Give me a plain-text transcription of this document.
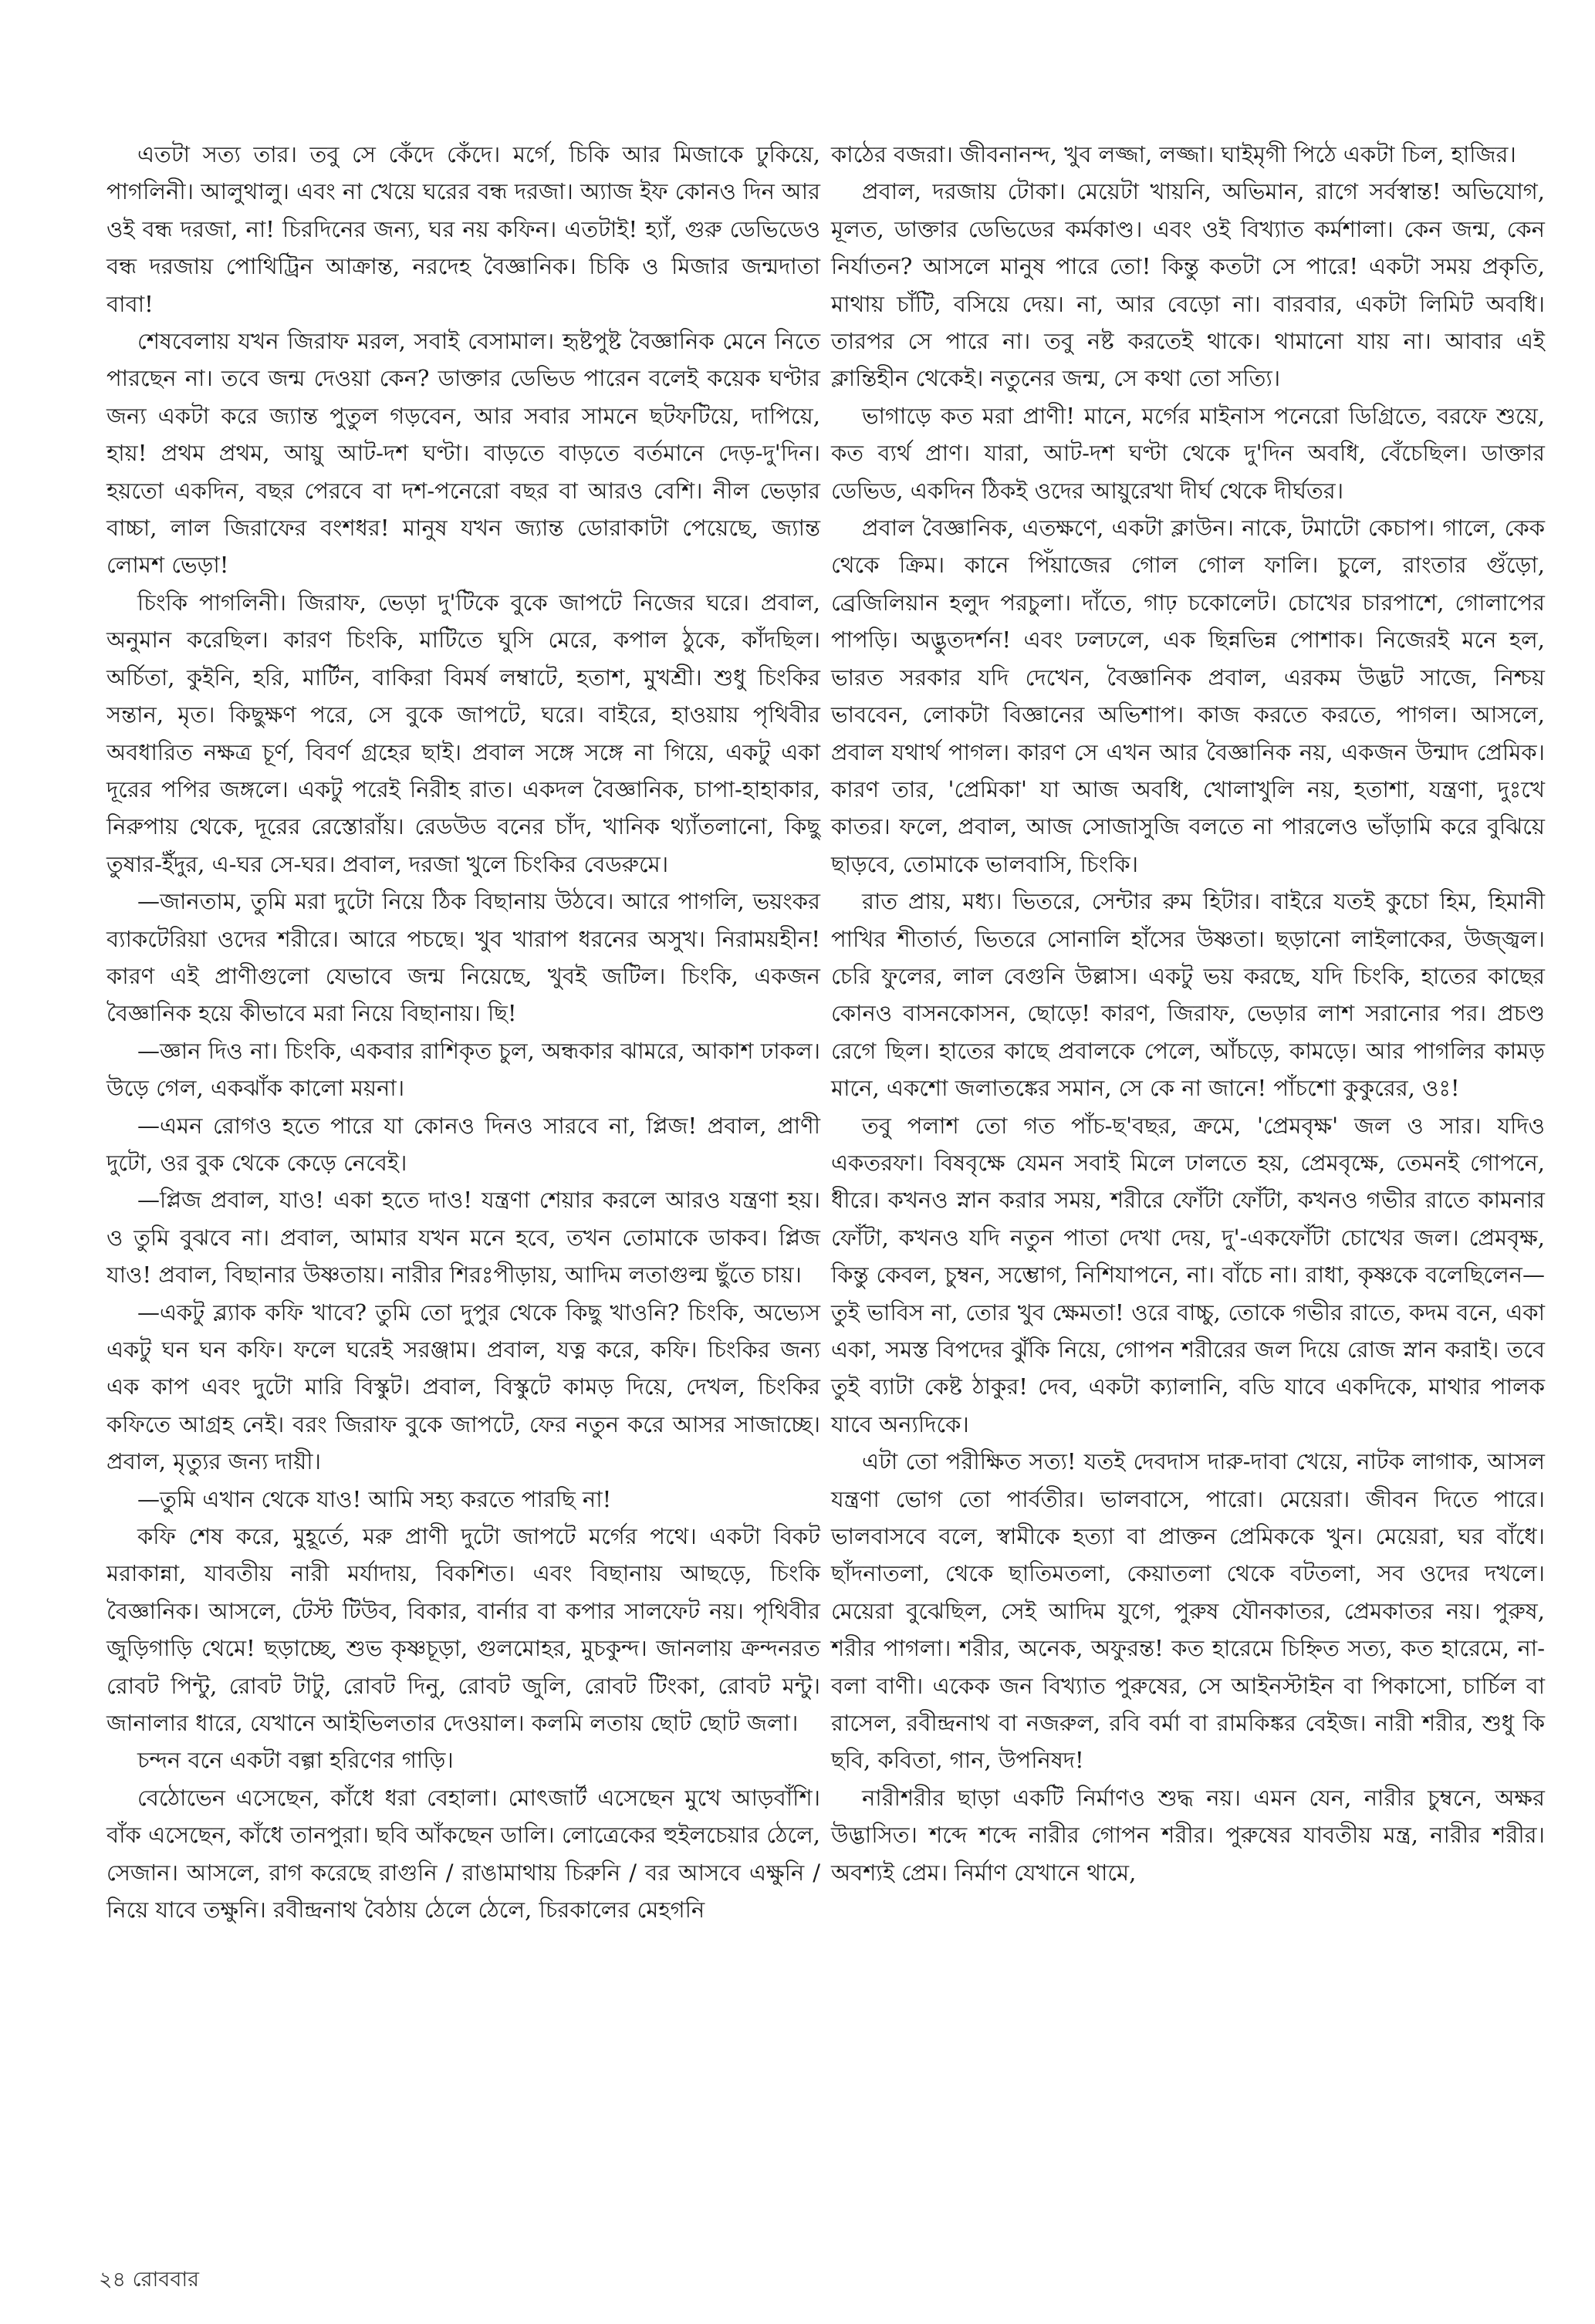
এতটা সত্য তার। তবু সে কেঁদে কেঁদে। মর্গে, চিকি আর মিজাকে ঢুকিয়ে, পাগলিনী। আলুথালু। এবং না খেয়ে ঘরের বন্ধ দরজা। অ্যাজ ইফ কোনও দিন আর ওই বন্ধ দরজা, না! চিরদিনের জন্য, ঘর নয় কফিন। এতটাই! হ্যাঁ, গুরু ডেভিডেও বন্ধ দরজায় পোথিট্রিন আক্রান্ত, নরদেহ বৈজ্ঞানিক। চিকি ও মিজার জন্মদাতা বাবা!

শেষবেলায় যখন জিরাফ মরল, সবাই বেসামাল। হৃষ্টপুষ্ট বৈজ্ঞানিক মেনে নিতে পারছেন না। তবে জন্ম দেওয়া কেন? ডাক্তার ডেভিড পারেন বলেই কয়েক ঘণ্টার জন্য একটা করে জ্যান্ত পুতুল গড়বেন, আর সবার সামনে ছটফটিয়ে, দাপিয়ে, হায়! প্রথম প্রথম, আয়ু আট-দশ ঘণ্টা। বাড়তে বাড়তে বর্তমানে দেড়-দু'দিন। হয়তো একদিন, বছর পেরবে বা দশ-পনেরো বছর বা আরও বেশি। নীল ভেড়ার বাচ্চা, লাল জিরাফের বংশধর! মানুষ যখন জ্যান্ত ডোরাকাটা পেয়েছে, জ্যান্ত লোমশ ভেড়া!

চিংকি পাগলিনী। জিরাফ, ভেড়া দু'টিকে বুকে জাপটে নিজের ঘরে। প্রবাল, অনুমান করেছিল। কারণ চিংকি, মাটিতে ঘুসি মেরে, কপাল ঠুকে, কাঁদছিল। অর্চিতা, কুইনি, হরি, মার্টিন, বাকিরা বিমর্ষ লম্বাটে, হতাশ, মুখশ্রী। শুধু চিংকির সন্তান, মৃত। কিছুক্ষণ পরে, সে বুকে জাপটে, ঘরে। বাইরে, হাওয়ায় পৃথিবীর অবধারিত নক্ষত্র চূর্ণ, বিবর্ণ গ্রহের ছাই। প্রবাল সঙ্গে সঙ্গে না গিয়ে, একটু একা দূরের পপির জঙ্গলে। একটু পরেই নিরীহ রাত। একদল বৈজ্ঞানিক, চাপা-হাহাকার, নিরুপায় থেকে, দূরের রেস্তোরাঁয়। রেডউড বনের চাঁদ, খানিক থ্যাঁতলানো, কিছু তুষার-ইঁদুর, এ-ঘর সে-ঘর। প্রবাল, দরজা খুলে চিংকির বেডরুমে।

—জানতাম, তুমি মরা দুটো নিয়ে ঠিক বিছানায় উঠবে। আরে পাগলি, ভয়ংকর ব্যাকটেরিয়া ওদের শরীরে। আরে পচছে। খুব খারাপ ধরনের অসুখ। নিরাময়হীন! কারণ এই প্রাণীগুলো যেভাবে জন্ম নিয়েছে, খুবই জটিল। চিংকি, একজন বৈজ্ঞানিক হয়ে কীভাবে মরা নিয়ে বিছানায়। ছি!

—জ্ঞান দিও না। চিংকি, একবার রাশিকৃত চুল, অন্ধকার ঝামরে, আকাশ ঢাকল। উড়ে গেল, একঝাঁক কালো ময়না।

—এমন রোগও হতে পারে যা কোনও দিনও সারবে না, প্লিজ! প্রবাল, প্রাণী দুটো, ওর বুক থেকে কেড়ে নেবেই।

—প্লিজ প্রবাল, যাও! একা হতে দাও! যন্ত্রণা শেয়ার করলে আরও যন্ত্রণা হয়। ও তুমি বুঝবে না। প্রবাল, আমার যখন মনে হবে, তখন তোমাকে ডাকব। প্লিজ যাও! প্রবাল, বিছানার উষ্ণতায়। নারীর শিরঃপীড়ায়, আদিম লতাগুল্ম ছুঁতে চায়।

—একটু ব্ল্যাক কফি খাবে? তুমি তো দুপুর থেকে কিছু খাওনি? চিংকি, অভ্যেস একটু ঘন ঘন কফি। ফলে ঘরেই সরঞ্জাম। প্রবাল, যত্ন করে, কফি। চিংকির জন্য এক কাপ এবং দুটো মারি বিস্কুট। প্রবাল, বিস্কুটে কামড় দিয়ে, দেখল, চিংকির কফিতে আগ্রহ নেই। বরং জিরাফ বুকে জাপটে, ফের নতুন করে আসর সাজাচ্ছে। প্রবাল, মৃত্যুর জন্য দায়ী।

—তুমি এখান থেকে যাও! আমি সহ্য করতে পারছি না!

কফি শেষ করে, মুহূর্তে, মরু প্রাণী দুটো জাপটে মর্গের পথে। একটা বিকট মরাকান্না, যাবতীয় নারী মর্যাদায়, বিকশিত। এবং বিছানায় আছড়ে, চিংকি বৈজ্ঞানিক। আসলে, টেস্ট টিউব, বিকার, বার্নার বা কপার সালফেট নয়। পৃথিবীর জুড়িগাড়ি থেমে! ছড়াচ্ছে, শুভ কৃষ্ণচূড়া, গুলমোহর, মুচকুন্দ। জানলায় ক্রন্দনরত রোবট পিন্টু, রোবট টাটু, রোবট দিনু, রোবট জুলি, রোবট টিংকা, রোবট মন্টু। জানালার ধারে, যেখানে আইভিলতার দেওয়াল। কলমি লতায় ছোট ছোট জলা।

চন্দন বনে একটা বল্গা হরিণের গাড়ি।

বেঠোভেন এসেছেন, কাঁধে ধরা বেহালা। মোৎজার্ট এসেছেন মুখে আড়বাঁশি। বাঁক এসেছেন, কাঁধে তানপুরা। ছবি আঁকছেন ডালি। লোত্রেকের হুইলচেয়ার ঠেলে, সেজান। আসলে, রাগ করেছে রাগুনি / রাঙামাথায় চিরুনি / বর আসবে এক্ষুনি / নিয়ে যাবে তক্ষুনি। রবীন্দ্রনাথ বৈঠায় ঠেলে ঠেলে, চিরকালের মেহগনি

কাঠের বজরা। জীবনানন্দ, খুব লজ্জা, লজ্জা। ঘাইমৃগী পিঠে একটা চিল, হাজির।

প্রবাল, দরজায় টোকা। মেয়েটা খায়নি, অভিমান, রাগে সর্বস্বান্ত! অভিযোগ, মূলত, ডাক্তার ডেভিডের কর্মকাণ্ড। এবং ওই বিখ্যাত কর্মশালা। কেন জন্ম, কেন নির্যাতন? আসলে মানুষ পারে তো! কিন্তু কতটা সে পারে! একটা সময় প্রকৃতি, মাথায় চাঁটি, বসিয়ে দেয়। না, আর বেড়ো না। বারবার, একটা লিমিট অবধি। তারপর সে পারে না। তবু নষ্ট করতেই থাকে। থামানো যায় না। আবার এই ক্লান্তিহীন থেকেই। নতুনের জন্ম, সে কথা তো সত্যি।

ভাগাড়ে কত মরা প্রাণী! মানে, মর্গের মাইনাস পনেরো ডিগ্রিতে, বরফে শুয়ে, কত ব্যর্থ প্রাণ। যারা, আট-দশ ঘণ্টা থেকে দু'দিন অবধি, বেঁচেছিল। ডাক্তার ডেভিড, একদিন ঠিকই ওদের আয়ুরেখা দীর্ঘ থেকে দীর্ঘতর।

প্রবাল বৈজ্ঞানিক, এতক্ষণে, একটা ক্লাউন। নাকে, টমাটো কেচাপ। গালে, কেক থেকে ক্রিম। কানে পিঁয়াজের গোল গোল ফালি। চুলে, রাংতার গুঁড়ো, ব্রেজিলিয়ান হলুদ পরচুলা। দাঁতে, গাঢ় চকোলেট। চোখের চারপাশে, গোলাপের পাপড়ি। অদ্ভুতদর্শন! এবং ঢলঢলে, এক ছিন্নভিন্ন পোশাক। নিজেরই মনে হল, ভারত সরকার যদি দেখেন, বৈজ্ঞানিক প্রবাল, এরকম উদ্ভট সাজে, নিশ্চয় ভাববেন, লোকটা বিজ্ঞানের অভিশাপ। কাজ করতে করতে, পাগল। আসলে, প্রবাল যথার্থ পাগল। কারণ সে এখন আর বৈজ্ঞানিক নয়, একজন উন্মাদ প্রেমিক। কারণ তার, 'প্রেমিকা' যা আজ অবধি, খোলাখুলি নয়, হতাশা, যন্ত্রণা, দুঃখে কাতর। ফলে, প্রবাল, আজ সোজাসুজি বলতে না পারলেও ভাঁড়ামি করে বুঝিয়ে ছাড়বে, তোমাকে ভালবাসি, চিংকি।

রাত প্রায়, মধ্য। ভিতরে, সেন্টার রুম হিটার। বাইরে যতই কুচো হিম, হিমানী পাখির শীতার্ত, ভিতরে সোনালি হাঁসের উষ্ণতা। ছড়ানো লাইলাকের, উজ্জ্বল। চেরি ফুলের, লাল বেগুনি উল্লাস। একটু ভয় করছে, যদি চিংকি, হাতের কাছের কোনও বাসনকোসন, ছোড়ে! কারণ, জিরাফ, ভেড়ার লাশ সরানোর পর। প্রচণ্ড রেগে ছিল। হাতের কাছে প্রবালকে পেলে, আঁচড়ে, কামড়ে। আর পাগলির কামড় মানে, একশো জলাতঙ্কের সমান, সে কে না জানে! পাঁচশো কুকুরের, ওঃ!

তবু পলাশ তো গত পাঁচ-ছ'বছর, ক্রমে, 'প্রেমবৃক্ষ' জল ও সার। যদিও একতরফা। বিষবৃক্ষে যেমন সবাই মিলে ঢালতে হয়, প্রেমবৃক্ষে, তেমনই গোপনে, ধীরে। কখনও স্নান করার সময়, শরীরে ফোঁটা ফোঁটা, কখনও গভীর রাতে কামনার ফোঁটা, কখনও যদি নতুন পাতা দেখা দেয়, দু'-একফোঁটা চোখের জল। প্রেমবৃক্ষ, কিন্তু কেবল, চুম্বন, সম্ভোগ, নিশিযাপনে, না। বাঁচে না। রাধা, কৃষ্ণকে বলেছিলেন— তুই ভাবিস না, তোর খুব ক্ষেমতা! ওরে বাচ্চু, তোকে গভীর রাতে, কদম বনে, একা একা, সমস্ত বিপদের ঝুঁকি নিয়ে, গোপন শরীরের জল দিয়ে রোজ স্নান করাই। তবে তুই ব্যাটা কেষ্ট ঠাকুর! দেব, একটা ক্যালানি, বডি যাবে একদিকে, মাথার পালক যাবে অন্যদিকে।

এটা তো পরীক্ষিত সত্য! যতই দেবদাস দারু-দাবা খেয়ে, নাটক লাগাক, আসল যন্ত্রণা ভোগ তো পার্বতীর। ভালবাসে, পারো। মেয়েরা। জীবন দিতে পারে। ভালবাসবে বলে, স্বামীকে হত্যা বা প্রাক্তন প্রেমিককে খুন। মেয়েরা, ঘর বাঁধে। ছাঁদনাতলা, থেকে ছাতিমতলা, কেয়াতলা থেকে বটতলা, সব ওদের দখলে। মেয়েরা বুঝেছিল, সেই আদিম যুগে, পুরুষ যৌনকাতর, প্রেমকাতর নয়। পুরুষ, শরীর পাগলা। শরীর, অনেক, অফুরন্ত! কত হারেমে চিহ্নিত সত্য, কত হারেমে, না-বলা বাণী। একেক জন বিখ্যাত পুরুষের, সে আইনস্টাইন বা পিকাসো, চার্চিল বা রাসেল, রবীন্দ্রনাথ বা নজরুল, রবি বর্মা বা রামকিঙ্কর বেইজ। নারী শরীর, শুধু কি ছবি, কবিতা, গান, উপনিষদ!

নারীশরীর ছাড়া একটি নির্মাণও শুদ্ধ নয়। এমন যেন, নারীর চুম্বনে, অক্ষর উদ্ভাসিত। শব্দে শব্দে নারীর গোপন শরীর। পুরুষের যাবতীয় মন্ত্র, নারীর শরীর। অবশ্যই প্রেম। নির্মাণ যেখানে থামে,

২৪ রোববার
